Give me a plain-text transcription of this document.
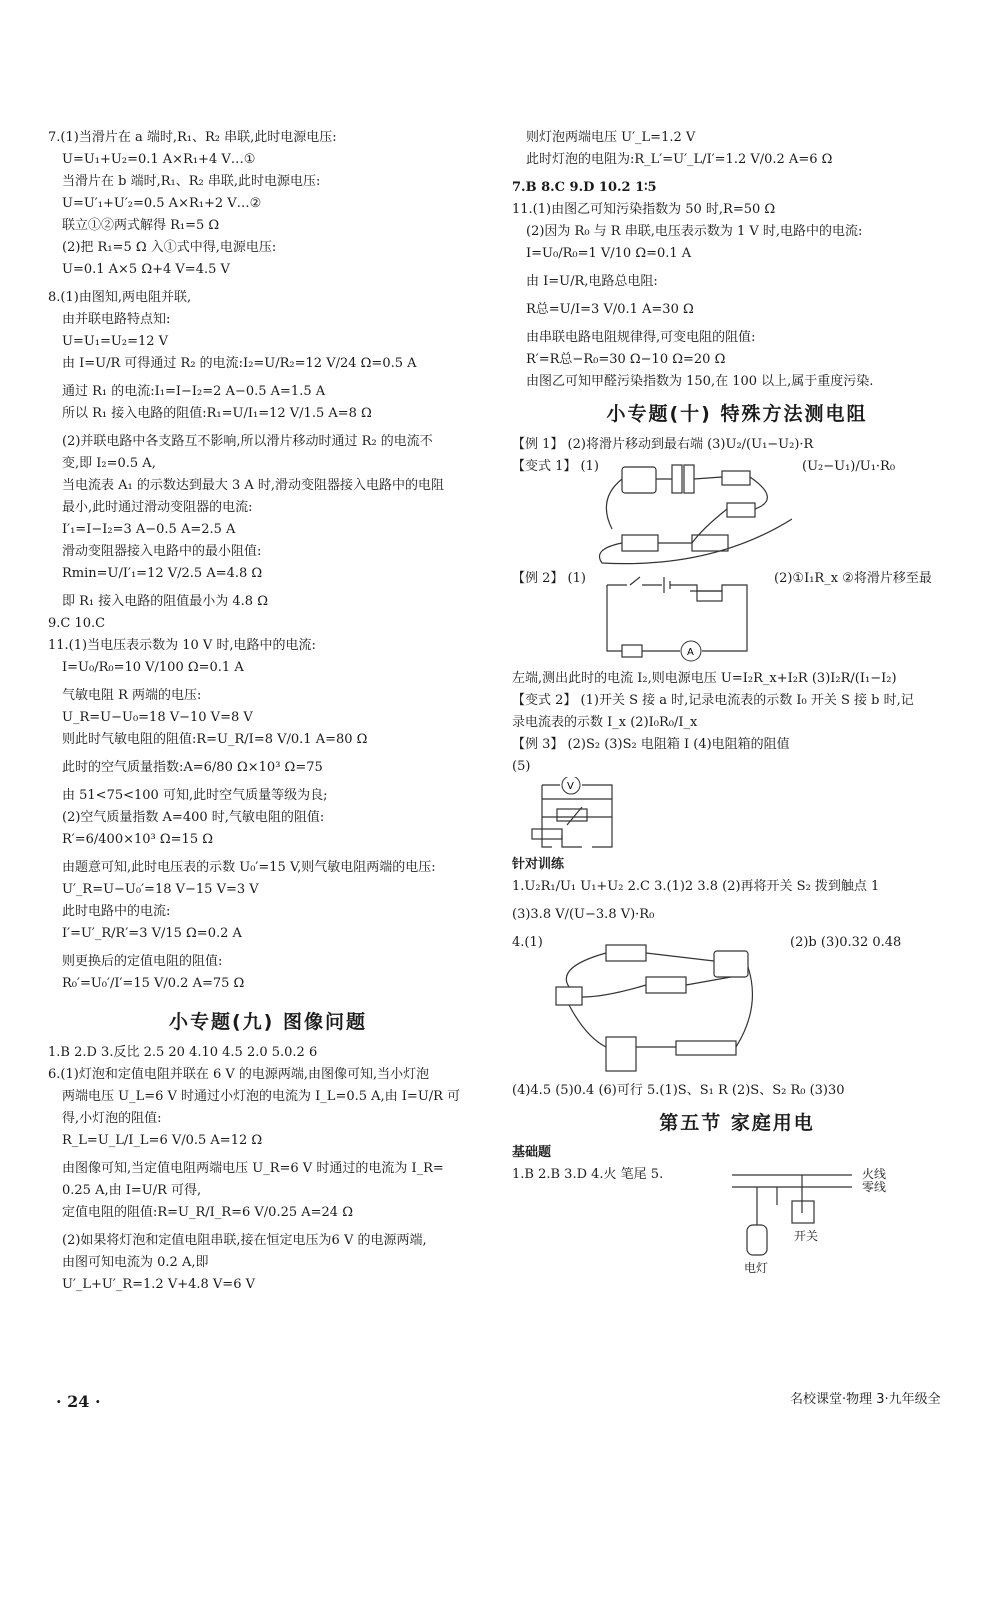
7.(1)当滑片在 a 端时,R₁、R₂ 串联,此时电源电压:
U=U₁+U₂=0.1 A×R₁+4 V…①
当滑片在 b 端时,R₁、R₂ 串联,此时电源电压:
U=U′₁+U′₂=0.5 A×R₁+2 V…②
联立①②两式解得 R₁=5 Ω
(2)把 R₁=5 Ω 入①式中得,电源电压:
U=0.1 A×5 Ω+4 V=4.5 V
8.(1)由图知,两电阻并联,
由并联电路特点知:
U=U₁=U₂=12 V
由 I=U/R 可得通过 R₂ 的电流:I₂=U/R₂=12 V/24 Ω=0.5 A
通过 R₁ 的电流:I₁=I−I₂=2 A−0.5 A=1.5 A
所以 R₁ 接入电路的阻值:R₁=U/I₁=12 V/1.5 A=8 Ω
(2)并联电路中各支路互不影响,所以滑片移动时通过 R₂ 的电流不
变,即 I₂=0.5 A,
当电流表 A₁ 的示数达到最大 3 A 时,滑动变阻器接入电路中的电阻
最小,此时通过滑动变阻器的电流:
I′₁=I−I₂=3 A−0.5 A=2.5 A
滑动变阻器接入电路中的最小阻值:
Rmin=U/I′₁=12 V/2.5 A=4.8 Ω
即 R₁ 接入电路的阻值最小为 4.8 Ω
9.C 10.C
11.(1)当电压表示数为 10 V 时,电路中的电流:
I=U₀/R₀=10 V/100 Ω=0.1 A
气敏电阻 R 两端的电压:
U_R=U−U₀=18 V−10 V=8 V
则此时气敏电阻的阻值:R=U_R/I=8 V/0.1 A=80 Ω
此时的空气质量指数:A=6/80 Ω×10³ Ω=75
由 51<75<100 可知,此时空气质量等级为良;
(2)空气质量指数 A=400 时,气敏电阻的阻值:
R′=6/400×10³ Ω=15 Ω
由题意可知,此时电压表的示数 U₀′=15 V,则气敏电阻两端的电压:
U′_R=U−U₀′=18 V−15 V=3 V
此时电路中的电流:
I′=U′_R/R′=3 V/15 Ω=0.2 A
则更换后的定值电阻的阻值:
R₀′=U₀′/I′=15 V/0.2 A=75 Ω
小专题(九) 图像问题
1.B 2.D 3.反比 2.5 20 4.10 4.5 2.0 5.0.2 6
6.(1)灯泡和定值电阻并联在 6 V 的电源两端,由图像可知,当小灯泡
两端电压 U_L=6 V 时通过小灯泡的电流为 I_L=0.5 A,由 I=U/R 可
得,小灯泡的阻值:
R_L=U_L/I_L=6 V/0.5 A=12 Ω
由图像可知,当定值电阻两端电压 U_R=6 V 时通过的电流为 I_R=
0.25 A,由 I=U/R 可得,
定值电阻的阻值:R=U_R/I_R=6 V/0.25 A=24 Ω
(2)如果将灯泡和定值电阻串联,接在恒定电压为6 V 的电源两端,
由图可知电流为 0.2 A,即
U′_L+U′_R=1.2 V+4.8 V=6 V
则灯泡两端电压 U′_L=1.2 V
此时灯泡的电阻为:R_L′=U′_L/I′=1.2 V/0.2 A=6 Ω
7.B 8.C 9.D 10.2 1∶5
11.(1)由图乙可知污染指数为 50 时,R=50 Ω
(2)因为 R₀ 与 R 串联,电压表示数为 1 V 时,电路中的电流:
I=U₀/R₀=1 V/10 Ω=0.1 A
由 I=U/R,电路总电阻:
R总=U/I=3 V/0.1 A=30 Ω
由串联电路电阻规律得,可变电阻的阻值:
R′=R总−R₀=30 Ω−10 Ω=20 Ω
由图乙可知甲醛污染指数为 150,在 100 以上,属于重度污染.
小专题(十) 特殊方法测电阻
【例 1】 (2)将滑片移动到最右端 (3)U₂/(U₁−U₂)·R
【变式 1】 (1)	(U₂−U₁)/U₁·R₀
【例 2】 (1)	(2)①I₁R_x ②将滑片移至最
A
左端,测出此时的电流 I₂,则电源电压 U=I₂R_x+I₂R (3)I₂R/(I₁−I₂)
【变式 2】 (1)开关 S 接 a 时,记录电流表的示数 I₀ 开关 S 接 b 时,记
录电流表的示数 I_x (2)I₀R₀/I_x
【例 3】 (2)S₂ (3)S₂ 电阻箱 I (4)电阻箱的阻值
(5)
V
针对训练
1.U₂R₁/U₁ U₁+U₂ 2.C 3.(1)2 3.8 (2)再将开关 S₂ 拨到触点 1
(3)3.8 V/(U−3.8 V)·R₀
4.(1)	(2)b (3)0.32 0.48
(4)4.5 (5)0.4 (6)可行 5.(1)S、S₁ R (2)S、S₂ R₀ (3)30
第五节 家庭用电
基础题
1.B 2.B 3.D 4.火 笔尾 5.	火线
零线
开关
电灯
· 24 ·	名校课堂·物理 3·九年级全
